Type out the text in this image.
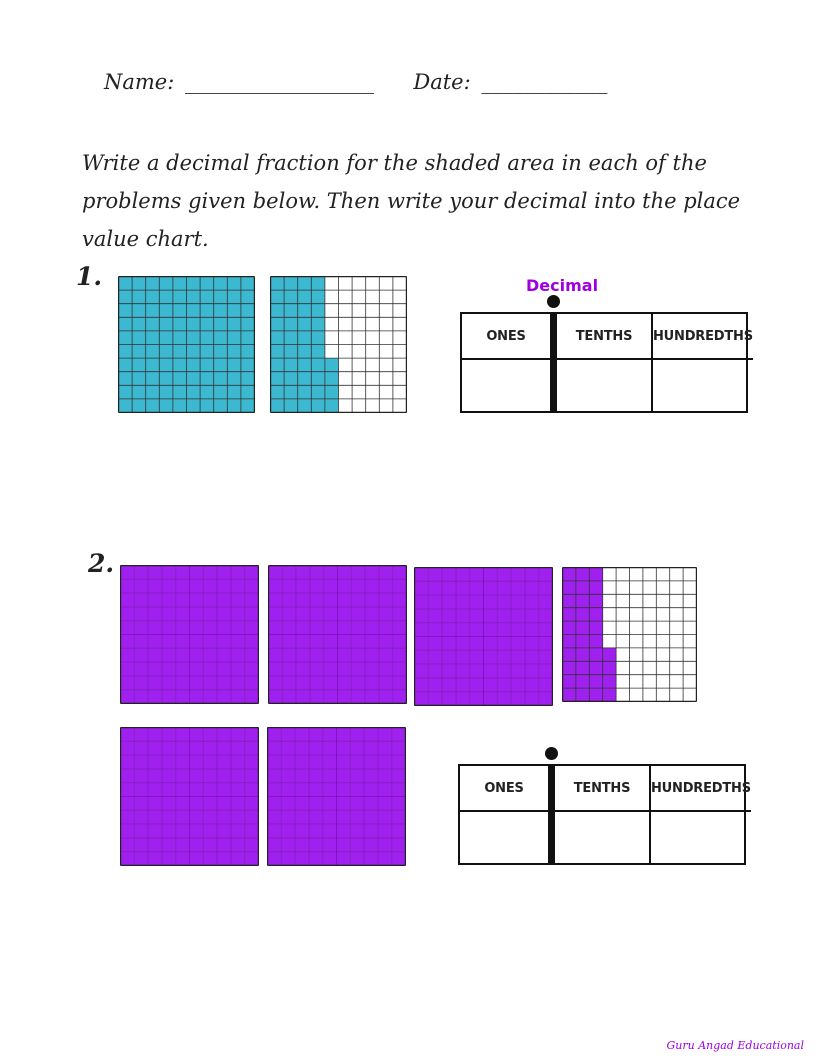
Name: __________________ Date: ____________
Write a decimal fraction for the shaded area in each of the problems given below. Then write your decimal into the place value chart.
1.	Decimal
ONES	TENTHS	HUNDREDTHS
2.
ONES	TENTHS	HUNDREDTHS
Guru Angad Educational
